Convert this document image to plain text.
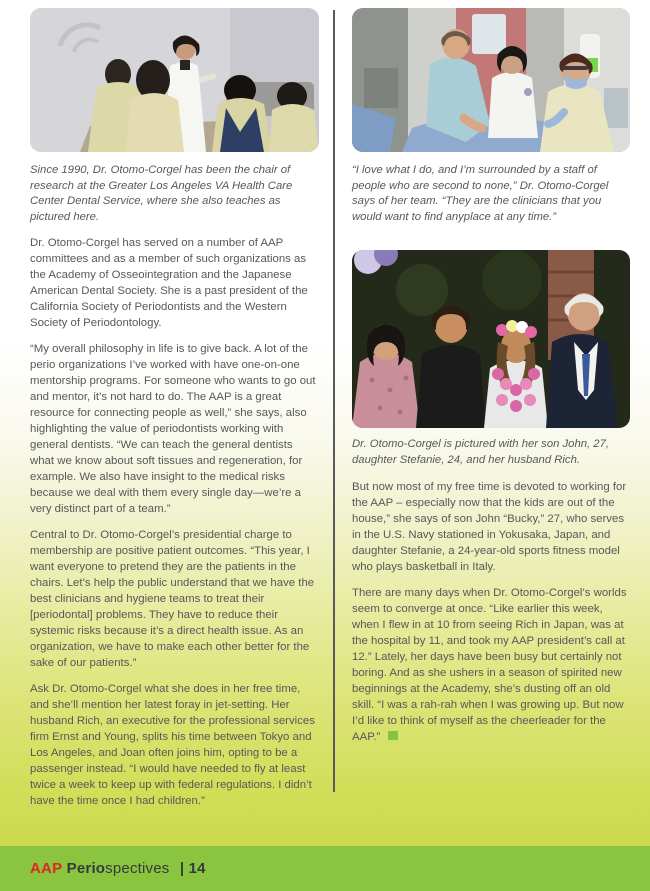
Since 1990, Dr. Otomo-Corgel has been the chair of research at the Greater Los Angeles VA Health Care Center Dental Service, where she also teaches as pictured here.

Dr. Otomo-Corgel has served on a number of AAP committees and as a member of such organizations as the Academy of Osseointegration and the Japanese American Dental Society. She is a past president of the California Society of Periodontists and the Western Society of Periodontology.

“My overall philosophy in life is to give back. A lot of the perio organizations I’ve worked with have one-on-one mentorship programs. For someone who wants to go out and mentor, it’s not hard to do. The AAP is a great resource for connecting people as well,” she says, also highlighting the value of periodontists working with general dentists. “We can teach the general dentists what we know about soft tissues and regeneration, for example. We also have insight to the medical risks because we deal with them every single day—we’re a very distinct part of a team.”

Central to Dr. Otomo-Corgel’s presidential charge to membership are positive patient outcomes. “This year, I want everyone to pretend they are the patients in the chairs. Let’s help the public understand that we have the best clinicians and hygiene teams to treat their [periodontal] problems. They have to reduce their systemic risks because it’s a direct health issue. As an organization, we have to make each other better for the sake of our patients.”

Ask Dr. Otomo-Corgel what she does in her free time, and she’ll mention her latest foray in jet-setting. Her husband Rich, an executive for the professional services firm Ernst and Young, splits his time between Tokyo and Los Angeles, and Joan often joins him, opting to be a passenger instead. “I would have needed to fly at least twice a week to keep up with federal regulations. I didn’t have the time once I had children.”

“I love what I do, and I’m surrounded by a staff of people who are second to none,” Dr. Otomo-Corgel says of her team. “They are the clinicians that you would want to find anyplace at any time.”

Dr. Otomo-Corgel is pictured with her son John, 27, daughter Stefanie, 24, and her husband Rich.

But now most of my free time is devoted to working for the AAP – especially now that the kids are out of the house,” she says of son John “Bucky,” 27, who serves in the U.S. Navy stationed in Yokusaka, Japan, and daughter Stefanie, a 24-year-old sports fitness model who plays basketball in Italy.

There are many days when Dr. Otomo-Corgel’s worlds seem to converge at once. “Like earlier this week, when I flew in at 10 from seeing Rich in Japan, was at the hospital by 11, and took my AAP president’s call at 12.” Lately, her days have been busy but certainly not boring. And as she ushers in a season of spirited new beginnings at the Academy, she’s dusting off an old skill. “I was a rah-rah when I was growing up. But now I’d like to think of myself as the cheerleader for the AAP.”

AAP Periospectives | 14
